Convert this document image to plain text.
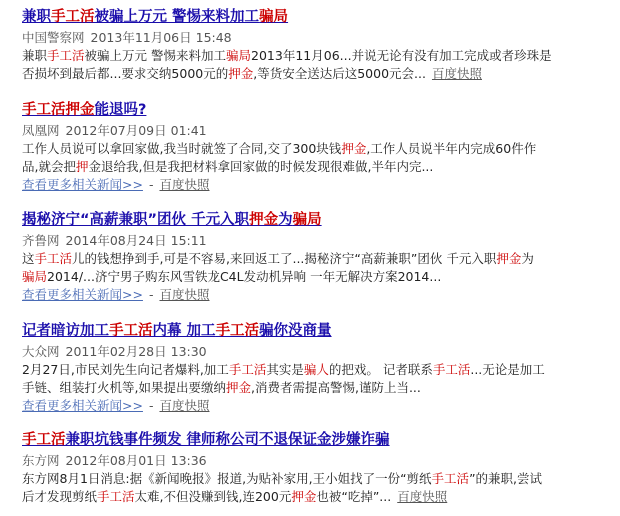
兼职手工活被骗上万元 警惕来料加工骗局
中国警察网 2013年11月06日 15:48
兼职手工活被骗上万元 警惕来料加工骗局2013年11月06...并说无论有没有加工完成或者珍珠是
否损坏到最后都...要求交纳5000元的押金,等货安全送达后这5000元会... 百度快照
手工活押金能退吗?
凤凰网 2012年07月09日 01:41
工作人员说可以拿回家做,我当时就签了合同,交了300块钱押金,工作人员说半年内完成60件作
品,就会把押金退给我,但是我把材料拿回家做的时候发现很难做,半年内完...
查看更多相关新闻>> - 百度快照
揭秘济宁“高薪兼职”团伙 千元入职押金为骗局
齐鲁网 2014年08月24日 15:11
这手工活儿的钱想挣到手,可是不容易,来回返工了...揭秘济宁“高薪兼职”团伙 千元入职押金为
骗局2014/...济宁男子购东风雪铁龙C4L发动机异响 一年无解决方案2014...
查看更多相关新闻>> - 百度快照
记者暗访加工手工活内幕 加工手工活骗你没商量
大众网 2011年02月28日 13:30
2月27日,市民刘先生向记者爆料,加工手工活其实是骗人的把戏。 记者联系手工活...无论是加工
手链、组装打火机等,如果提出要缴纳押金,消费者需提高警惕,谨防上当...
查看更多相关新闻>> - 百度快照
手工活兼职坑钱事件频发 律师称公司不退保证金涉嫌诈骗
东方网 2012年08月01日 13:36
东方网8月1日消息:据《新闻晚报》报道,为贴补家用,王小姐找了一份“剪纸手工活”的兼职,尝试
后才发现剪纸手工活太难,不但没赚到钱,连200元押金也被“吃掉”... 百度快照
